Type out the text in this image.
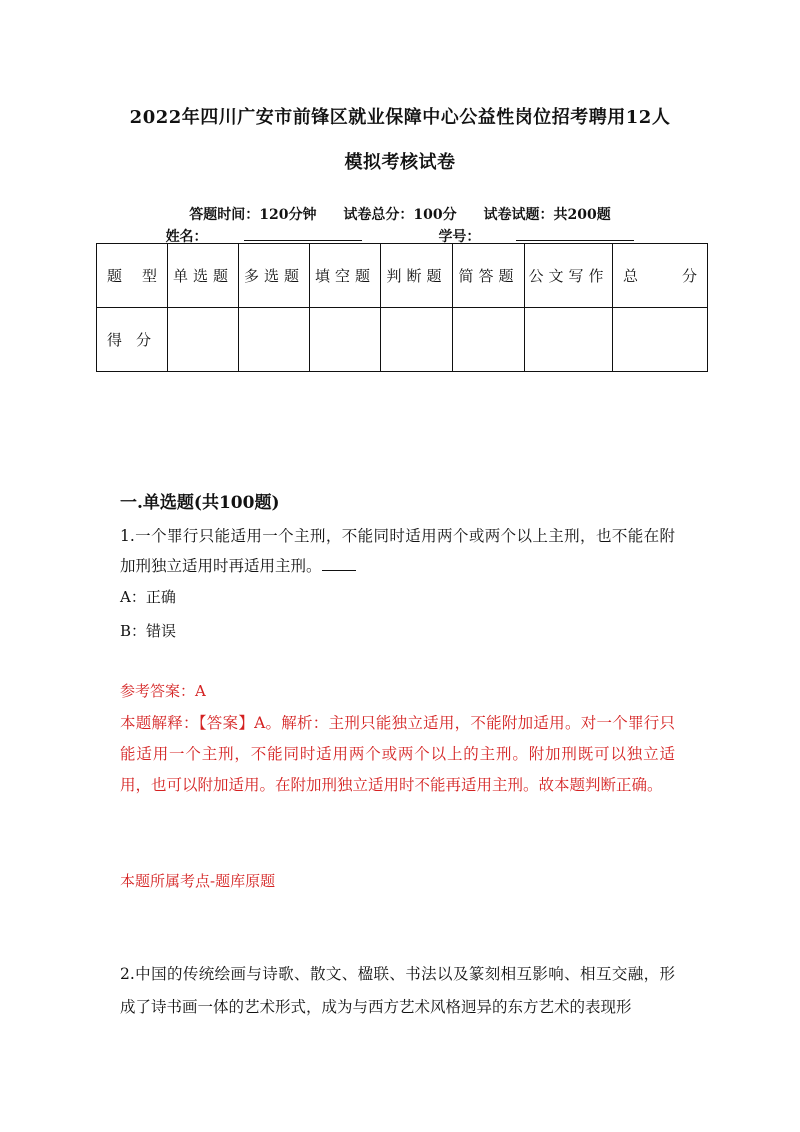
2022年四川广安市前锋区就业保障中心公益性岗位招考聘用12人
模拟考核试卷
答题时间：120分钟 试卷总分：100分 试卷试题：共200题
姓名：	学号：
题 型	单选题	多选题	填空题	判断题	简答题	公文写作	总 分

得 分							

一.单选题(共100题)
1.一个罪行只能适用一个主刑，不能同时适用两个或两个以上主刑，也不能在附加刑独立适用时再适用主刑。
A：正确
B：错误
参考答案：A
本题解释：【答案】A。解析：主刑只能独立适用，不能附加适用。对一个罪行只能适用一个主刑，不能同时适用两个或两个以上的主刑。附加刑既可以独立适用，也可以附加适用。在附加刑独立适用时不能再适用主刑。故本题判断正确。
本题所属考点-题库原题
2.中国的传统绘画与诗歌、散文、楹联、书法以及篆刻相互影响、相互交融，形成了诗书画一体的艺术形式，成为与西方艺术风格迥异的东方艺术的表现形
